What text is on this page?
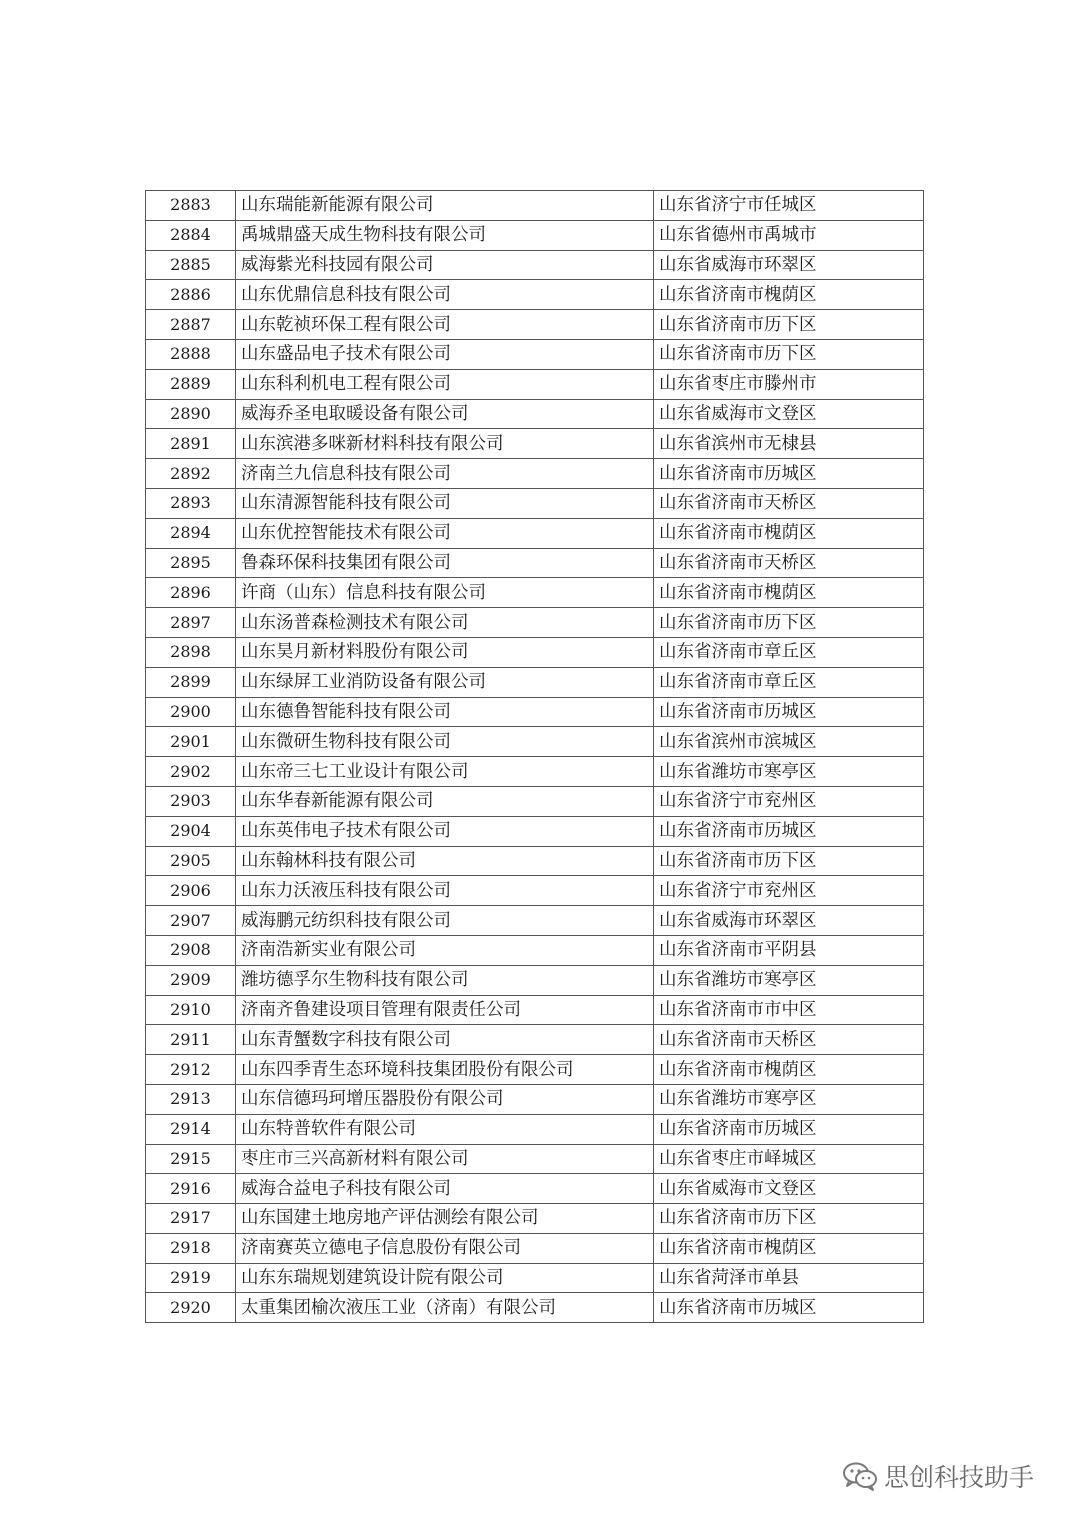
2883	山东瑞能新能源有限公司	山东省济宁市任城区
2884	禹城鼎盛天成生物科技有限公司	山东省德州市禹城市
2885	威海紫光科技园有限公司	山东省威海市环翠区
2886	山东优鼎信息科技有限公司	山东省济南市槐荫区
2887	山东乾祯环保工程有限公司	山东省济南市历下区
2888	山东盛品电子技术有限公司	山东省济南市历下区
2889	山东科利机电工程有限公司	山东省枣庄市滕州市
2890	威海乔圣电取暖设备有限公司	山东省威海市文登区
2891	山东滨港多咪新材料科技有限公司	山东省滨州市无棣县
2892	济南兰九信息科技有限公司	山东省济南市历城区
2893	山东清源智能科技有限公司	山东省济南市天桥区
2894	山东优控智能技术有限公司	山东省济南市槐荫区
2895	鲁森环保科技集团有限公司	山东省济南市天桥区
2896	许商（山东）信息科技有限公司	山东省济南市槐荫区
2897	山东汤普森检测技术有限公司	山东省济南市历下区
2898	山东昊月新材料股份有限公司	山东省济南市章丘区
2899	山东绿屏工业消防设备有限公司	山东省济南市章丘区
2900	山东德鲁智能科技有限公司	山东省济南市历城区
2901	山东微研生物科技有限公司	山东省滨州市滨城区
2902	山东帝三七工业设计有限公司	山东省潍坊市寒亭区
2903	山东华春新能源有限公司	山东省济宁市兖州区
2904	山东英伟电子技术有限公司	山东省济南市历城区
2905	山东翰林科技有限公司	山东省济南市历下区
2906	山东力沃液压科技有限公司	山东省济宁市兖州区
2907	威海鹏元纺织科技有限公司	山东省威海市环翠区
2908	济南浩新实业有限公司	山东省济南市平阴县
2909	潍坊德孚尔生物科技有限公司	山东省潍坊市寒亭区
2910	济南齐鲁建设项目管理有限责任公司	山东省济南市市中区
2911	山东青蟹数字科技有限公司	山东省济南市天桥区
2912	山东四季青生态环境科技集团股份有限公司	山东省济南市槐荫区
2913	山东信德玛珂增压器股份有限公司	山东省潍坊市寒亭区
2914	山东特普软件有限公司	山东省济南市历城区
2915	枣庄市三兴高新材料有限公司	山东省枣庄市峄城区
2916	威海合益电子科技有限公司	山东省威海市文登区
2917	山东国建土地房地产评估测绘有限公司	山东省济南市历下区
2918	济南赛英立德电子信息股份有限公司	山东省济南市槐荫区
2919	山东东瑞规划建筑设计院有限公司	山东省菏泽市单县
2920	太重集团榆次液压工业（济南）有限公司	山东省济南市历城区
思创科技助手
